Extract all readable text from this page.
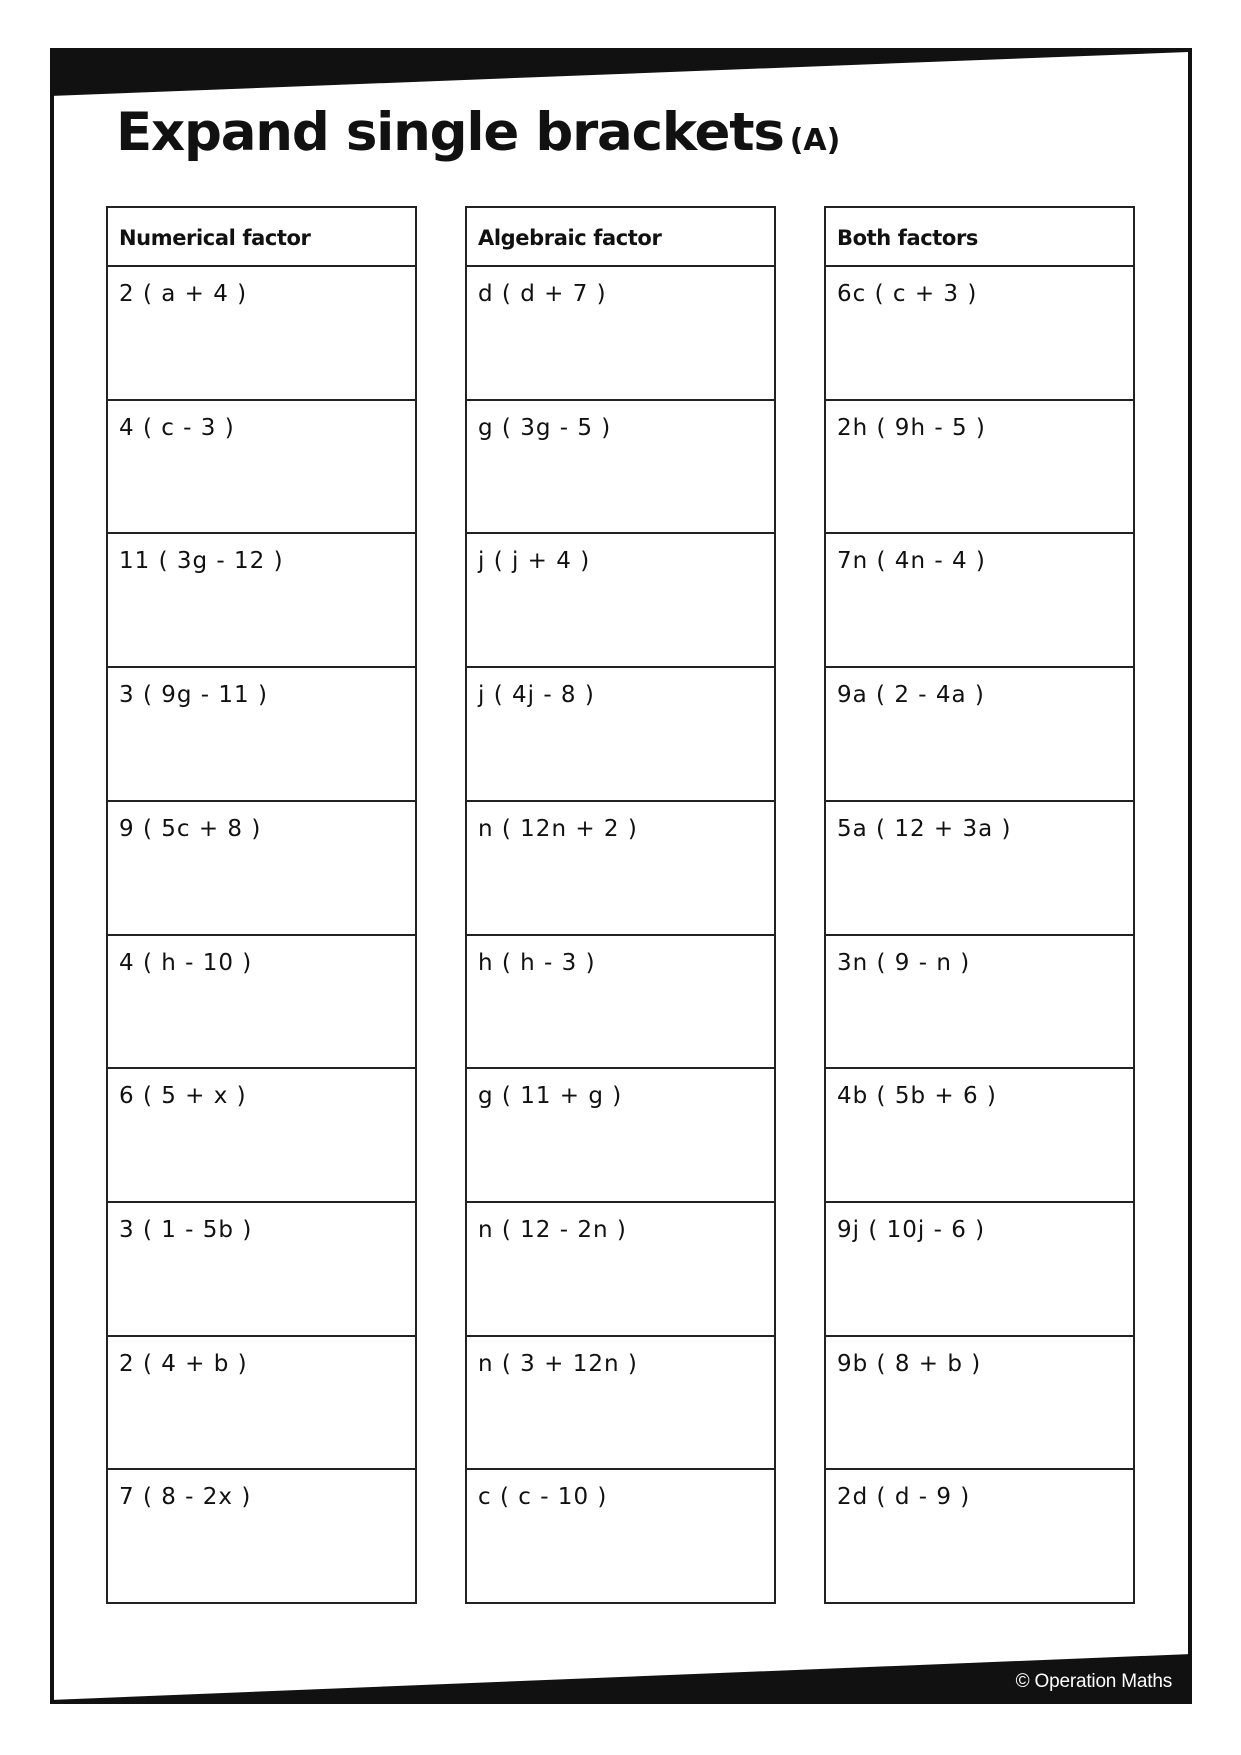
Expand single brackets (A)
Numerical factor
2 ( a + 4 )
4 ( c - 3 )
11 ( 3g - 12 )
3 ( 9g - 11 )
9 ( 5c + 8 )
4 ( h - 10 )
6 ( 5 + x )
3 ( 1 - 5b )
2 ( 4 + b )
7 ( 8 - 2x )
Algebraic factor
d ( d + 7 )
g ( 3g - 5 )
j ( j + 4 )
j ( 4j - 8 )
n ( 12n + 2 )
h ( h - 3 )
g ( 11 + g )
n ( 12 - 2n )
n ( 3 + 12n )
c ( c - 10 )
Both factors
6c ( c + 3 )
2h ( 9h - 5 )
7n ( 4n - 4 )
9a ( 2 - 4a )
5a ( 12 + 3a )
3n ( 9 - n )
4b ( 5b + 6 )
9j ( 10j - 6 )
9b ( 8 + b )
2d ( d - 9 )
© Operation Maths
